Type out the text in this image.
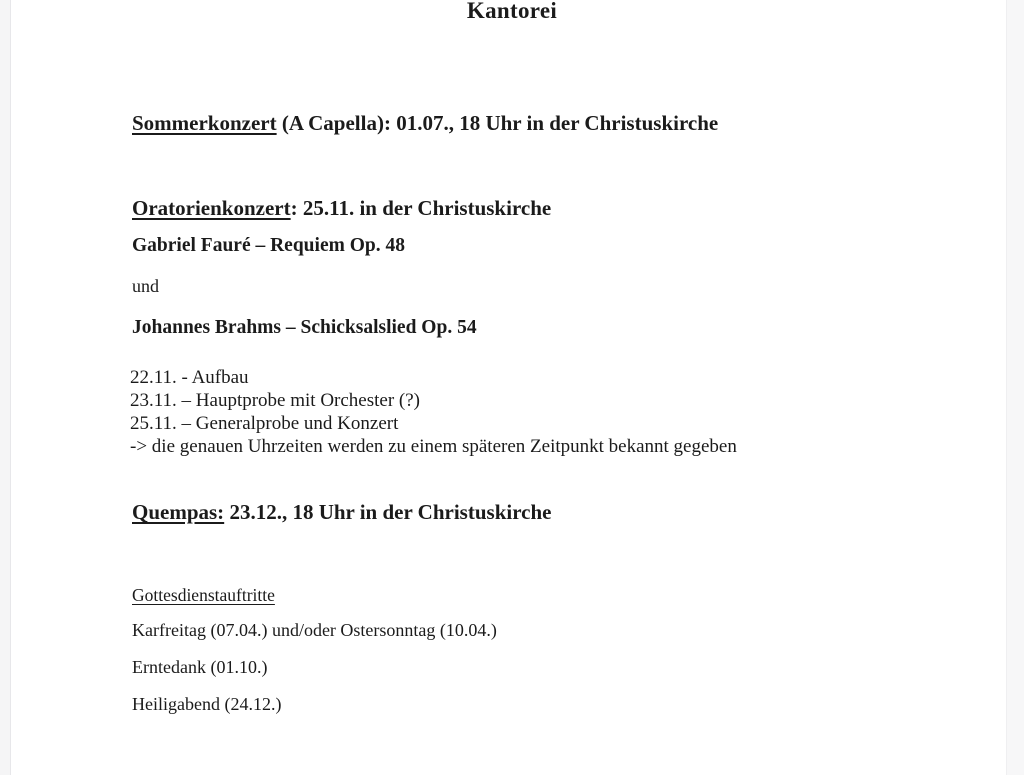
Kantorei
Sommerkonzert (A Capella): 01.07., 18 Uhr in der Christuskirche
Oratorienkonzert: 25.11. in der Christuskirche
Gabriel Fauré – Requiem Op. 48
und
Johannes Brahms – Schicksalslied Op. 54
22.11. - Aufbau
23.11. – Hauptprobe mit Orchester (?)
25.11. – Generalprobe und Konzert
-> die genauen Uhrzeiten werden zu einem späteren Zeitpunkt bekannt gegeben
Quempas: 23.12., 18 Uhr in der Christuskirche
Gottesdienstauftritte
Karfreitag (07.04.) und/oder Ostersonntag (10.04.)
Erntedank (01.10.)
Heiligabend (24.12.)
